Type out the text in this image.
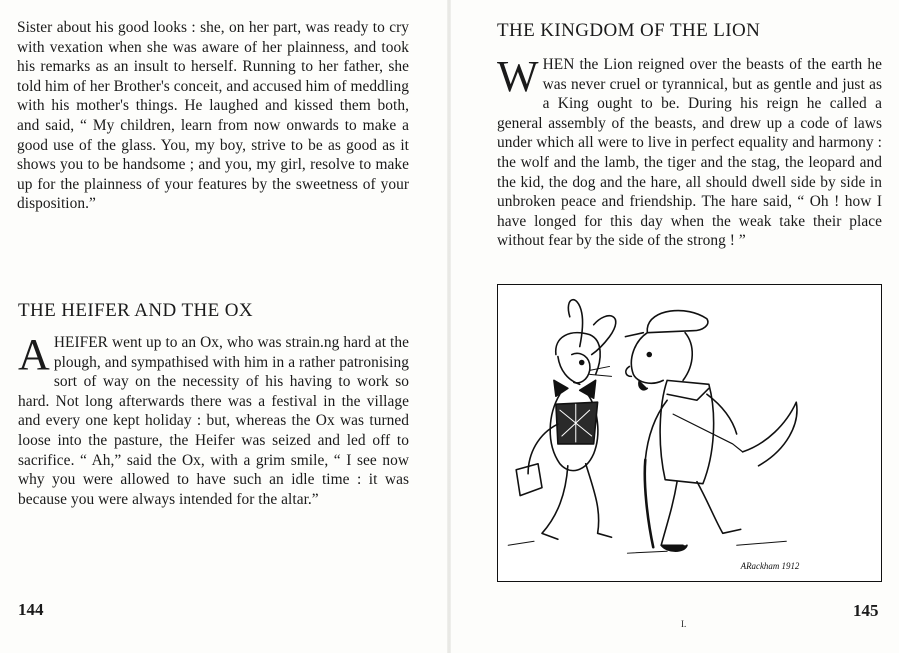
Sister about his good looks : she, on her part, was ready to cry with vexation when she was aware of her plainness, and took his remarks as an insult to herself. Running to her father, she told him of her Brother's conceit, and accused him of meddling with his mother's things. He laughed and kissed them both, and said, “ My children, learn from now onwards to make a good use of the glass. You, my boy, strive to be as good as it shows you to be handsome ; and you, my girl, resolve to make up for the plainness of your features by the sweetness of your disposition.”

THE HEIFER AND THE OX

AHEIFER went up to an Ox, who was strain.ng hard at the plough, and sympathised with him in a rather patronising sort of way on the necessity of his having to work so hard. Not long afterwards there was a festival in the village and every one kept holiday : but, whereas the Ox was turned loose into the pasture, the Heifer was seized and led off to sacrifice. “ Ah,” said the Ox, with a grim smile, “ I see now why you were allowed to have such an idle time : it was because you were always intended for the altar.”

144
THE KINGDOM OF THE LION

WHEN the Lion reigned over the beasts of the earth he was never cruel or tyrannical, but as gentle and just as a King ought to be. During his reign he called a general assembly of the beasts, and drew up a code of laws under which all were to live in perfect equality and harmony : the wolf and the lamb, the tiger and the stag, the leopard and the kid, the dog and the hare, all should dwell side by side in unbroken peace and friendship. The hare said, “ Oh ! how I have longed for this day when the weak take their place without fear by the side of the strong ! ”

ARackham 1912
145
I.
